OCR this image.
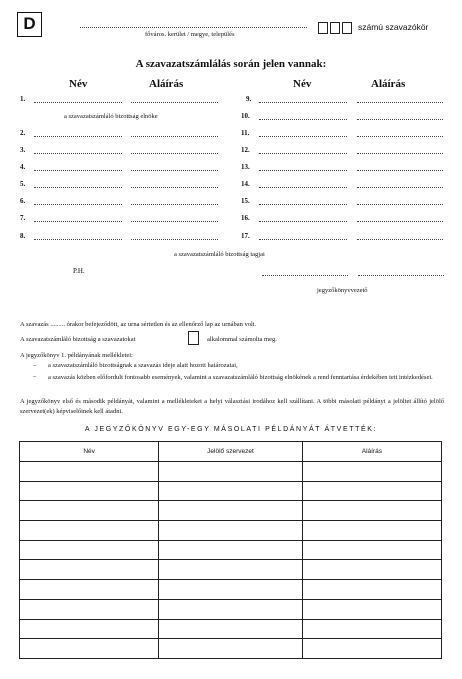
D
főváros. kerület / megye, település
számú szavazókör
A szavazatszámlálás során jelen vannak:
Név	Aláírás	Név	Aláírás
1.
a szavazatszámláló bizottság elnöke
2.
3.
4.
5.
6.
7.
8.
9.
10.
11.
12.
13.
14.
15.
16.
17.
a szavazatszámláló bizottság tagjai
P.H.
jegyzőkönyvvezető
A szavazás ......... órakor befejeződött, az urna sértetlen és az ellenőrző lap az urnában volt.
A szavazatszámláló bizottság a szavazatokat	alkalommal számolta meg.
A jegyzőkönyv 1. példányának mellékletei:
– a szavazatszámláló bizottságnak a szavazás ideje alatt hozott határozatai,
– a szavazás közben előfordult fontosabb események, valamint a szavazatszámláló bizottság elnökének a rend fenntartása érdekében tett intézkedései.
A jegyzőkönyv első és második példányát, valamint a mellékleteket a helyi választási irodához kell szállítani. A többi másolati példányt a jelöltet állító jelölő szervezet(ek) képviselőinek kell átadni.
A JEGYZŐKÖNYV EGY-EGY MÁSOLATI PÉLDÁNYÁT ÁTVETTÉK:
Név	Jelölő szervezet	Aláírás
